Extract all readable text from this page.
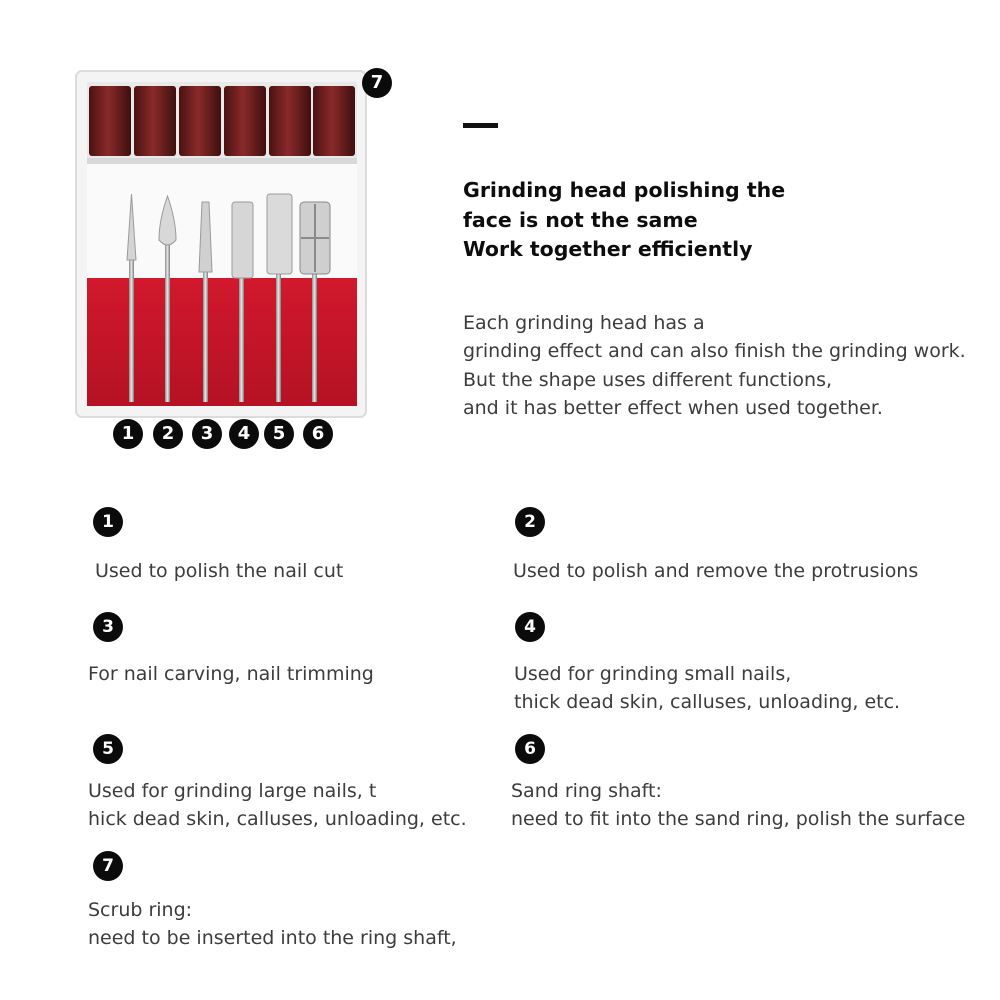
1	2	3	4	5	6
7
Grinding head polishing the
face is not the same
Work together efficiently
Each grinding head has a
grinding effect and can also finish the grinding work.
But the shape uses different functions,
and it has better effect when used together.
1
Used to polish the nail cut
2
Used to polish and remove the protrusions
3
For nail carving, nail trimming
4
Used for grinding small nails,
thick dead skin, calluses, unloading, etc.
5
Used for grinding large nails, t
hick dead skin, calluses, unloading, etc.
6
Sand ring shaft:
need to fit into the sand ring, polish the surface
7
Scrub ring:
need to be inserted into the ring shaft,
